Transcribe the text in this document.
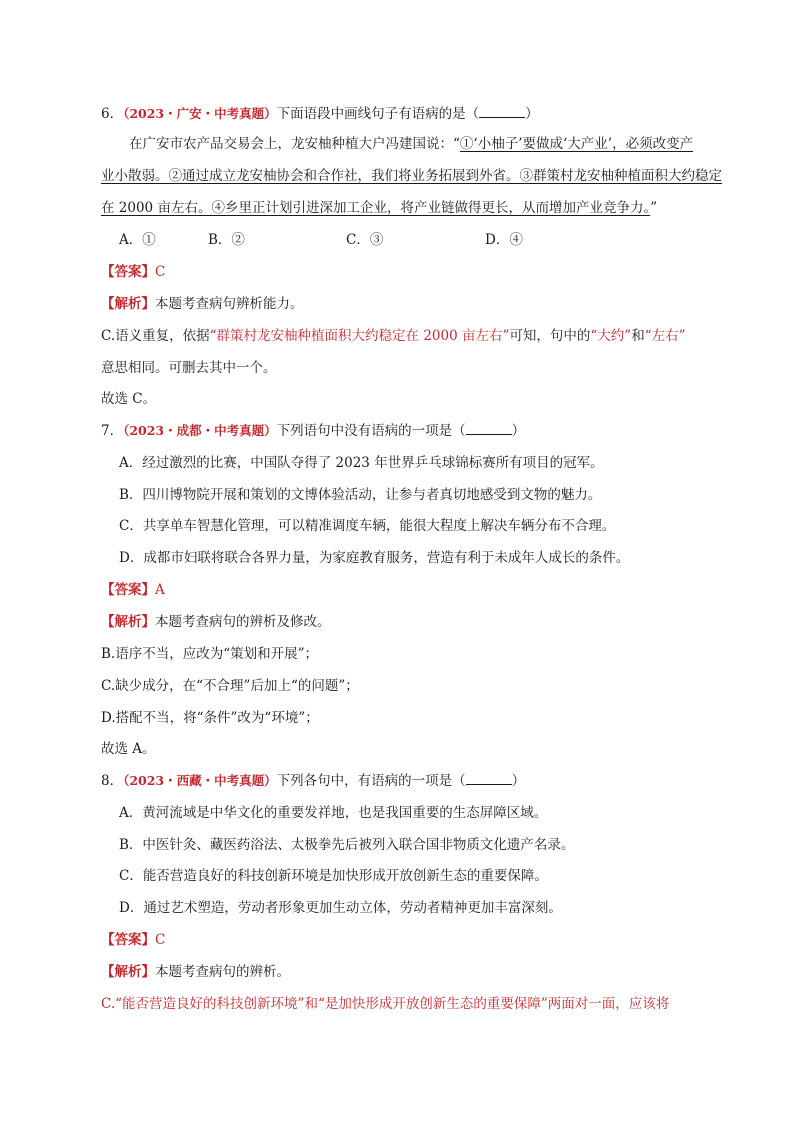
6．（2023・广安・中考真题）下面语段中画线句子有语病的是（	）
在广安市农产品交易会上，龙安柚种植大户冯建国说：“①‘小柚子’要做成‘大产业’，必须改变产
业小散弱。②通过成立龙安柚协会和合作社，我们将业务拓展到外省。③群策村龙安柚种植面积大约稳定
在 2000 亩左右。④乡里正计划引进深加工企业，将产业链做得更长，从而增加产业竞争力。”
A．①	B．②	C．③	D．④
【答案】C
【解析】本题考查病句辨析能力。
C.语义重复，依据“群策村龙安柚种植面积大约稳定在 2000 亩左右”可知，句中的“大约”和“左右”
意思相同。可删去其中一个。
故选 C。
7．（2023・成都・中考真题）下列语句中没有语病的一项是（	）
A．经过激烈的比赛，中国队夺得了 2023 年世界乒乓球锦标赛所有项目的冠军。
B．四川博物院开展和策划的文博体验活动，让参与者真切地感受到文物的魅力。
C．共享单车智慧化管理，可以精准调度车辆，能很大程度上解决车辆分布不合理。
D．成都市妇联将联合各界力量，为家庭教育服务，营造有利于未成年人成长的条件。
【答案】A
【解析】本题考查病句的辨析及修改。
B.语序不当，应改为“策划和开展”；
C.缺少成分，在“不合理”后加上“的问题”；
D.搭配不当，将“条件”改为“环境”；
故选 A。
8．（2023・西藏・中考真题）下列各句中，有语病的一项是（	）
A．黄河流域是中华文化的重要发祥地，也是我国重要的生态屏障区域。
B．中医针灸、藏医药浴法、太极拳先后被列入联合国非物质文化遗产名录。
C．能否营造良好的科技创新环境是加快形成开放创新生态的重要保障。
D．通过艺术塑造，劳动者形象更加生动立体，劳动者精神更加丰富深刻。
【答案】C
【解析】本题考查病句的辨析。
C.“能否营造良好的科技创新环境”和“是加快形成开放创新生态的重要保障”两面对一面，应该将
